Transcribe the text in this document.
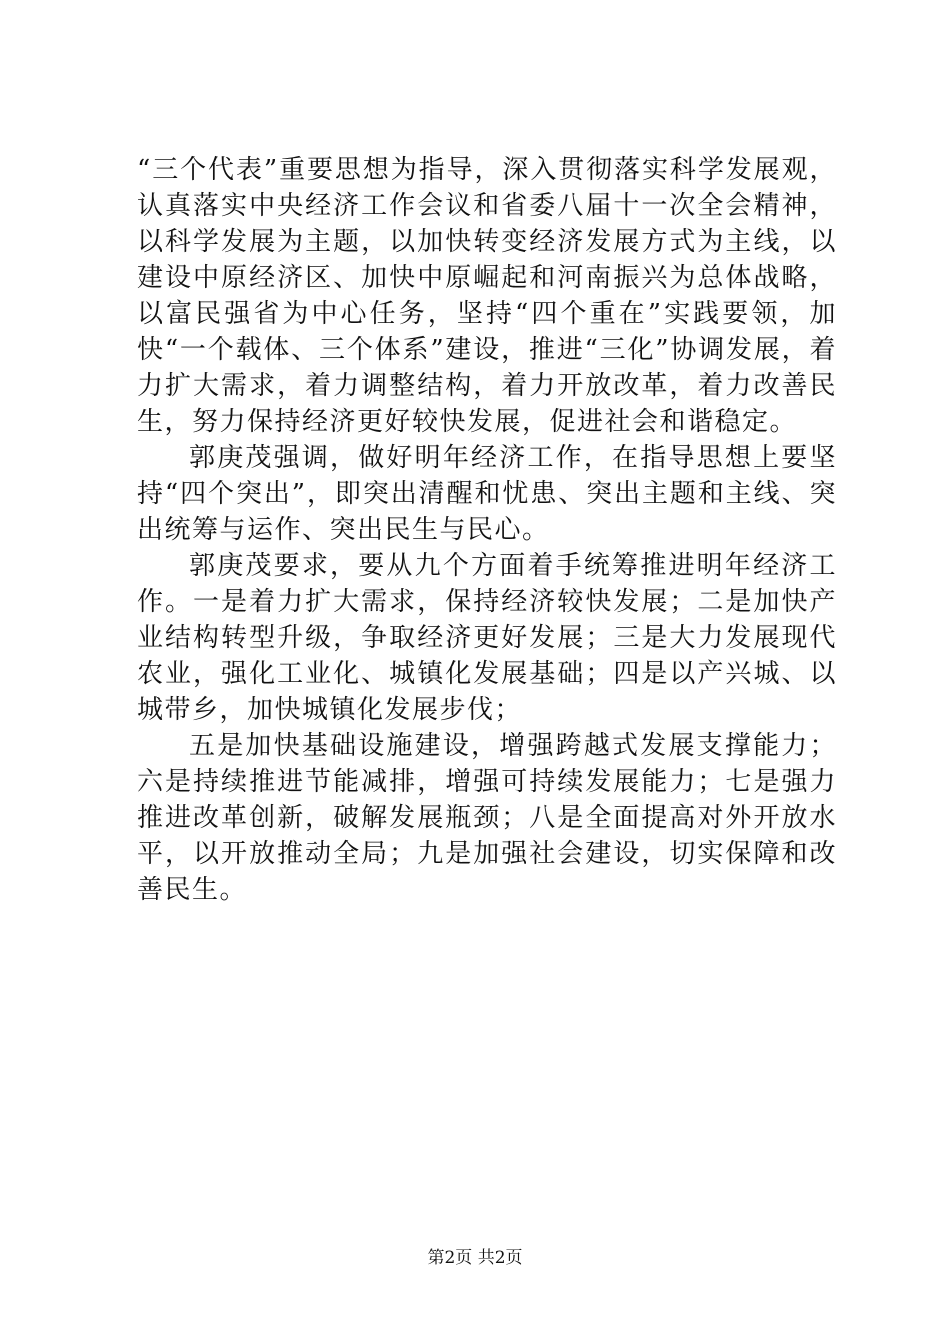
“三个代表”重要思想为指导，深入贯彻落实科学发展观，认真落实中央经济工作会议和省委八届十一次全会精神，以科学发展为主题，以加快转变经济发展方式为主线，以建设中原经济区、加快中原崛起和河南振兴为总体战略，以富民强省为中心任务，坚持“四个重在”实践要领，加快“一个载体、三个体系”建设，推进“三化”协调发展，着力扩大需求，着力调整结构，着力开放改革，着力改善民生，努力保持经济更好较快发展，促进社会和谐稳定。

郭庚茂强调，做好明年经济工作，在指导思想上要坚持“四个突出”，即突出清醒和忧患、突出主题和主线、突出统筹与运作、突出民生与民心。

郭庚茂要求，要从九个方面着手统筹推进明年经济工作。一是着力扩大需求，保持经济较快发展；二是加快产业结构转型升级，争取经济更好发展；三是大力发展现代农业，强化工业化、城镇化发展基础；四是以产兴城、以城带乡，加快城镇化发展步伐；

五是加快基础设施建设，增强跨越式发展支撑能力；六是持续推进节能减排，增强可持续发展能力；七是强力推进改革创新，破解发展瓶颈；八是全面提高对外开放水平，以开放推动全局；九是加强社会建设，切实保障和改善民生。

第2页 共2页
